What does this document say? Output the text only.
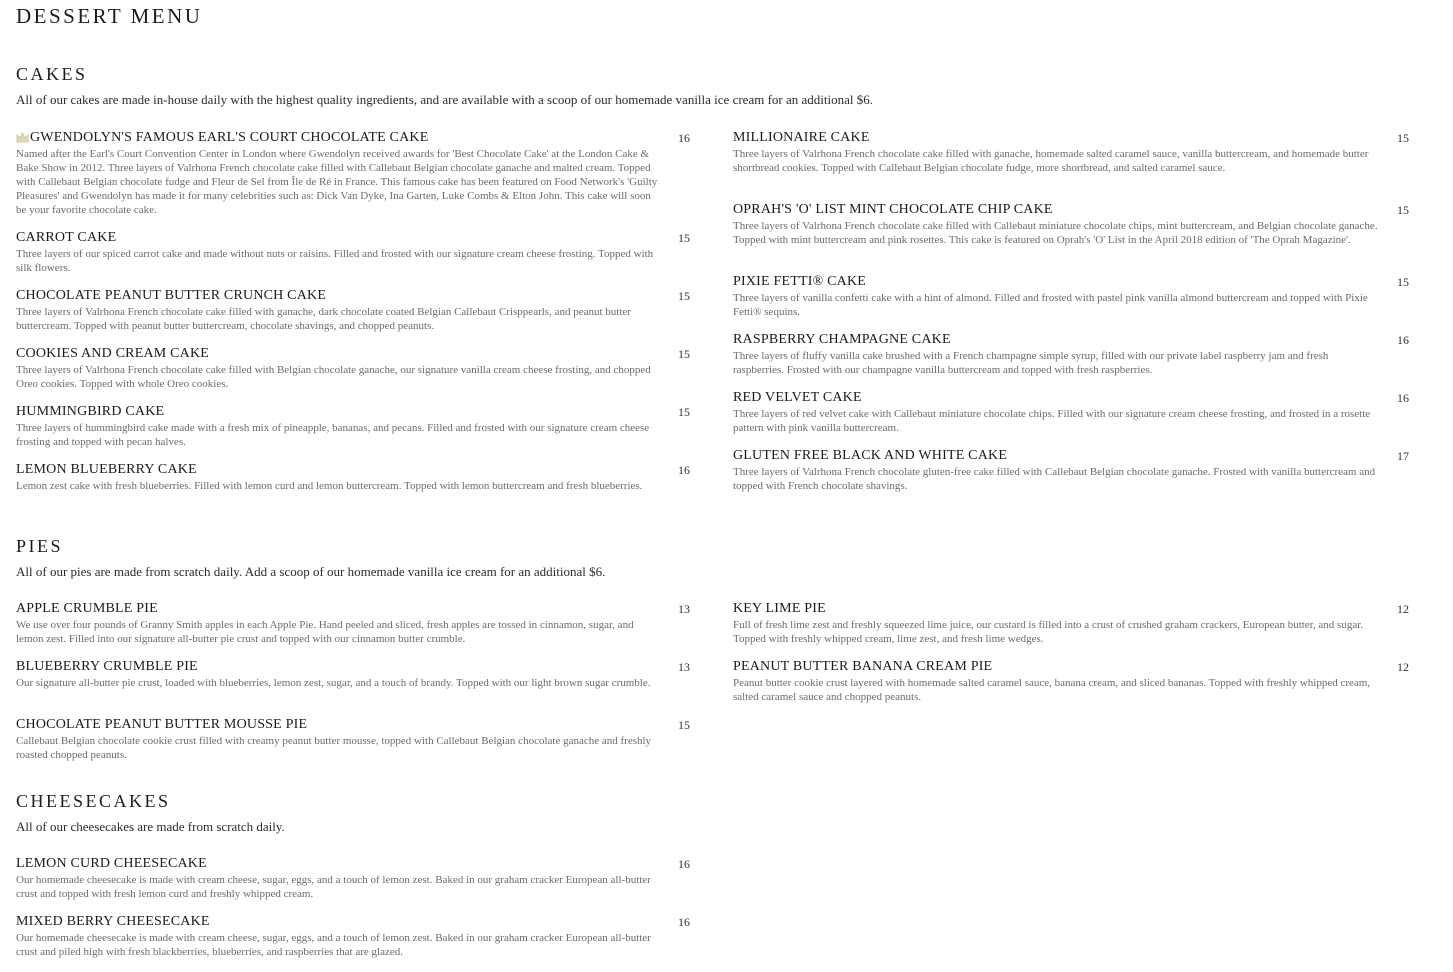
DESSERT MENU
CAKES
All of our cakes are made in-house daily with the highest quality ingredients, and are available with a scoop of our homemade vanilla ice cream for an additional $6.
GWENDOLYN'S FAMOUS EARL'S COURT CHOCOLATE CAKE	16
Named after the Earl's Court Convention Center in London where Gwendolyn received awards for 'Best Chocolate Cake' at the London Cake & Bake Show in 2012. Three layers of Valrhona French chocolate cake filled with Callebaut Belgian chocolate ganache and malted cream. Topped with Callebaut Belgian chocolate fudge and Fleur de Sel from Île de Ré in France. This famous cake has been featured on Food Network's 'Guilty Pleasures' and Gwendolyn has made it for many celebrities such as: Dick Van Dyke, Ina Garten, Luke Combs & Elton John. This cake will soon be your favorite chocolate cake.
CARROT CAKE	15
Three layers of our spiced carrot cake and made without nuts or raisins. Filled and frosted with our signature cream cheese frosting. Topped with silk flowers.
CHOCOLATE PEANUT BUTTER CRUNCH CAKE	15
Three layers of Valrhona French chocolate cake filled with ganache, dark chocolate coated Belgian Callebaut Crisppearls, and peanut butter buttercream. Topped with peanut butter buttercream, chocolate shavings, and chopped peanuts.
COOKIES AND CREAM CAKE	15
Three layers of Valrhona French chocolate cake filled with Belgian chocolate ganache, our signature vanilla cream cheese frosting, and chopped Oreo cookies. Topped with whole Oreo cookies.
HUMMINGBIRD CAKE	15
Three layers of hummingbird cake made with a fresh mix of pineapple, bananas, and pecans. Filled and frosted with our signature cream cheese frosting and topped with pecan halves.
LEMON BLUEBERRY CAKE	16
Lemon zest cake with fresh blueberries. Filled with lemon curd and lemon buttercream. Topped with lemon buttercream and fresh blueberries.
MILLIONAIRE CAKE	15
Three layers of Valrhona French chocolate cake filled with ganache, homemade salted caramel sauce, vanilla buttercream, and homemade butter shortbread cookies. Topped with Callebaut Belgian chocolate fudge, more shortbread, and salted caramel sauce.
OPRAH'S 'O' LIST MINT CHOCOLATE CHIP CAKE	15
Three layers of Valrhona French chocolate cake filled with Callebaut miniature chocolate chips, mint buttercream, and Belgian chocolate ganache. Topped with mint buttercream and pink rosettes. This cake is featured on Oprah's 'O' List in the April 2018 edition of 'The Oprah Magazine'.
PIXIE FETTI® CAKE	15
Three layers of vanilla confetti cake with a hint of almond. Filled and frosted with pastel pink vanilla almond buttercream and topped with Pixie Fetti® sequins.
RASPBERRY CHAMPAGNE CAKE	16
Three layers of fluffy vanilla cake brushed with a French champagne simple syrup, filled with our private label raspberry jam and fresh raspberries. Frosted with our champagne vanilla buttercream and topped with fresh raspberries.
RED VELVET CAKE	16
Three layers of red velvet cake with Callebaut miniature chocolate chips. Filled with our signature cream cheese frosting, and frosted in a rosette pattern with pink vanilla buttercream.
GLUTEN FREE BLACK AND WHITE CAKE	17
Three layers of Valrhona French chocolate gluten-free cake filled with Callebaut Belgian chocolate ganache. Frosted with vanilla buttercream and topped with French chocolate shavings.
PIES
All of our pies are made from scratch daily. Add a scoop of our homemade vanilla ice cream for an additional $6.
APPLE CRUMBLE PIE	13
We use over four pounds of Granny Smith apples in each Apple Pie. Hand peeled and sliced, fresh apples are tossed in cinnamon, sugar, and lemon zest. Filled into our signature all-butter pie crust and topped with our cinnamon butter crumble.
BLUEBERRY CRUMBLE PIE	13
Our signature all-butter pie crust, loaded with blueberries, lemon zest, sugar, and a touch of brandy. Topped with our light brown sugar crumble.
CHOCOLATE PEANUT BUTTER MOUSSE PIE	15
Callebaut Belgian chocolate cookie crust filled with creamy peanut butter mousse, topped with Callebaut Belgian chocolate ganache and freshly roasted chopped peanuts.
KEY LIME PIE	12
Full of fresh lime zest and freshly squeezed lime juice, our custard is filled into a crust of crushed graham crackers, European butter, and sugar. Topped with freshly whipped cream, lime zest, and fresh lime wedges.
PEANUT BUTTER BANANA CREAM PIE	12
Peanut butter cookie crust layered with homemade salted caramel sauce, banana cream, and sliced bananas. Topped with freshly whipped cream, salted caramel sauce and chopped peanuts.
CHEESECAKES
All of our cheesecakes are made from scratch daily.
LEMON CURD CHEESECAKE	16
Our homemade cheesecake is made with cream cheese, sugar, eggs, and a touch of lemon zest. Baked in our graham cracker European all-butter crust and topped with fresh lemon curd and freshly whipped cream.
MIXED BERRY CHEESECAKE	16
Our homemade cheesecake is made with cream cheese, sugar, eggs, and a touch of lemon zest. Baked in our graham cracker European all-butter crust and piled high with fresh blackberries, blueberries, and raspberries that are glazed.
